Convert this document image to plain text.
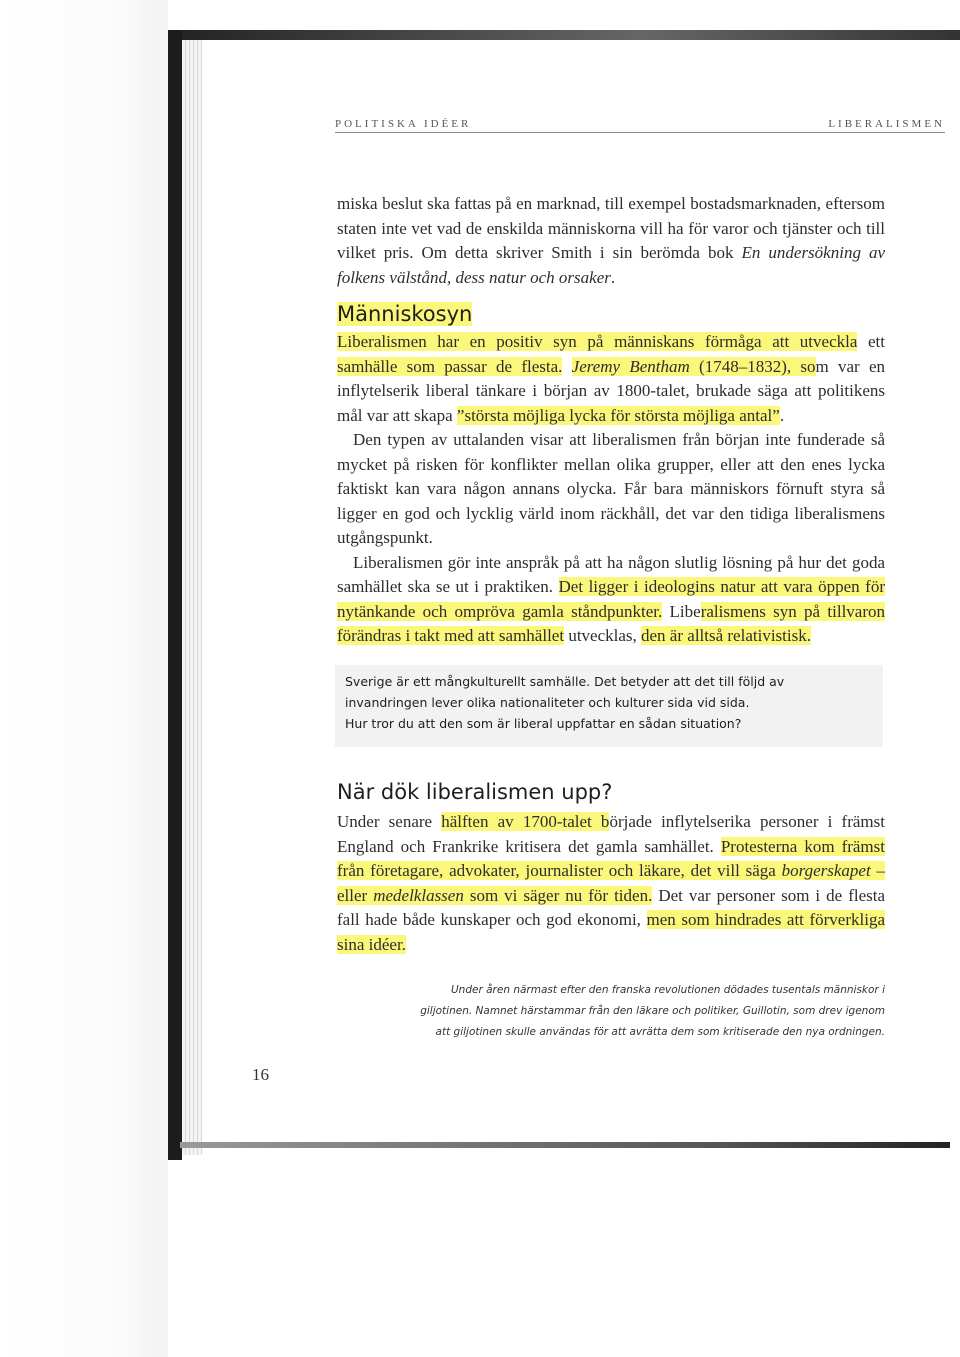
POLITISKA IDÉER	LIBERALISMEN

miska beslut ska fattas på en marknad, till exempel bostadsmarknaden, eftersom staten inte vet vad de enskilda människorna vill ha för varor och tjänster och till vilket pris. Om detta skriver Smith i sin berömda bok En undersökning av folkens välstånd, dess natur och orsaker.

Människosyn

Liberalismen har en positiv syn på människans förmåga att utveckla ett samhälle som passar de flesta. Jeremy Bentham (1748–1832), som var en inflytelserik liberal tänkare i början av 1800-talet, brukade säga att politikens mål var att skapa ”största möjliga lycka för största möjliga antal”.

Den typen av uttalanden visar att liberalismen från början inte funderade så mycket på risken för konflikter mellan olika grupper, eller att den enes lycka faktiskt kan vara någon annans olycka. Får bara människors förnuft styra så ligger en god och lycklig värld inom räckhåll, det var den tidiga liberalismens utgångspunkt.

Liberalismen gör inte anspråk på att ha någon slutlig lösning på hur det goda samhället ska se ut i praktiken. Det ligger i ideologins natur att vara öppen för nytänkande och ompröva gamla ståndpunkter. Liberalismens syn på tillvaron förändras i takt med att samhället utvecklas, den är alltså relativistisk.

Sverige är ett mångkulturellt samhälle. Det betyder att det till följd av
invandringen lever olika nationaliteter och kulturer sida vid sida.
Hur tror du att den som är liberal uppfattar en sådan situation?
När dök liberalismen upp?

Under senare hälften av 1700-talet började inflytelserika personer i främst England och Frankrike kritisera det gamla samhället. Protesterna kom främst från företagare, advokater, journalister och läkare, det vill säga borgerskapet – eller medelklassen som vi säger nu för tiden. Det var personer som i de flesta fall hade både kunskaper och god ekonomi, men som hindrades att förverkliga sina idéer.

Under åren närmast efter den franska revolutionen dödades tusentals människor i
giljotinen. Namnet härstammar från den läkare och politiker, Guillotin, som drev igenom
att giljotinen skulle användas för att avrätta dem som kritiserade den nya ordningen.
16
